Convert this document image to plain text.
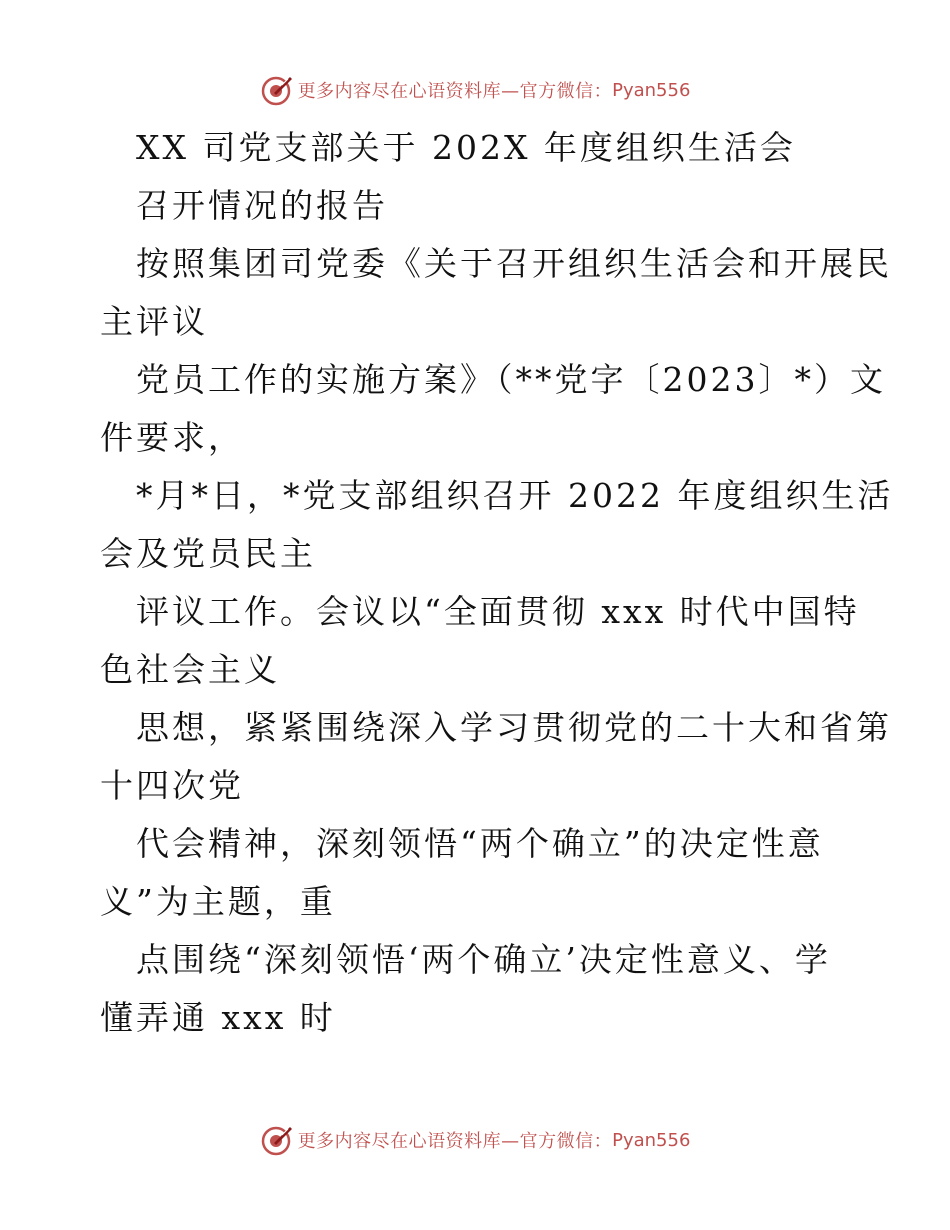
更多内容尽在心语资料库—官方微信： Pyan556
XX 司党支部关于 202X 年度组织生活会
召开情况的报告
按照集团司党委《关于召开组织生活会和开展民
主评议
党员工作的实施方案》（**党字〔2023〕*）文
件要求，
*月*日，*党支部组织召开 2022 年度组织生活
会及党员民主
评议工作。会议以“全面贯彻 xxx 时代中国特
色社会主义
思想，紧紧围绕深入学习贯彻党的二十大和省第
十四次党
代会精神，深刻领悟“两个确立”的决定性意
义”为主题，重
点围绕“深刻领悟‘两个确立’决定性意义、学
懂弄通 xxx 时
更多内容尽在心语资料库—官方微信： Pyan556
